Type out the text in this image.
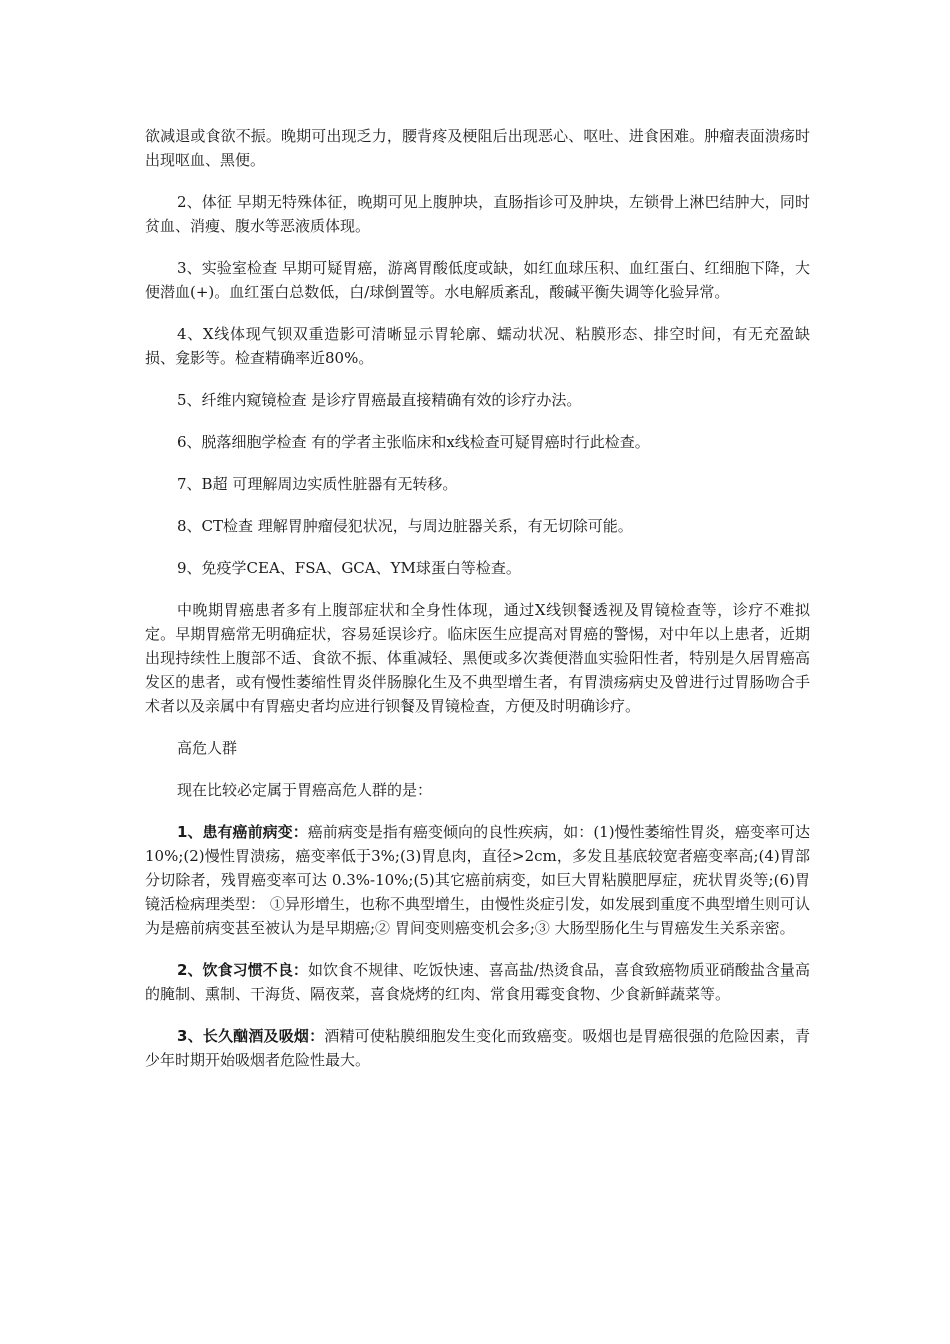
欲减退或食欲不振。晚期可出现乏力，腰背疼及梗阻后出现恶心、呕吐、进食困难。肿瘤表面溃疡时出现呕血、黑便。

2、体征 早期无特殊体征，晚期可见上腹肿块，直肠指诊可及肿块，左锁骨上淋巴结肿大，同时贫血、消瘦、腹水等恶液质体现。

3、实验室检查 早期可疑胃癌，游离胃酸低度或缺，如红血球压积、血红蛋白、红细胞下降，大便潜血(+)。血红蛋白总数低，白/球倒置等。水电解质紊乱，酸碱平衡失调等化验异常。

4、X线体现气钡双重造影可清晰显示胃轮廓、蠕动状况、粘膜形态、排空时间，有无充盈缺损、龛影等。检查精确率近80%。

5、纤维内窥镜检查 是诊疗胃癌最直接精确有效的诊疗办法。

6、脱落细胞学检查 有的学者主张临床和x线检查可疑胃癌时行此检查。

7、B超 可理解周边实质性脏器有无转移。

8、CT检查 理解胃肿瘤侵犯状况，与周边脏器关系，有无切除可能。

9、免疫学CEA、FSA、GCA、YM球蛋白等检查。

中晚期胃癌患者多有上腹部症状和全身性体现，通过X线钡餐透视及胃镜检查等，诊疗不难拟定。早期胃癌常无明确症状，容易延误诊疗。临床医生应提高对胃癌的警惕，对中年以上患者，近期出现持续性上腹部不适、食欲不振、体重减轻、黑便或多次粪便潜血实验阳性者，特别是久居胃癌高发区的患者，或有慢性萎缩性胃炎伴肠腺化生及不典型增生者，有胃溃疡病史及曾进行过胃肠吻合手术者以及亲属中有胃癌史者均应进行钡餐及胃镜检查，方便及时明确诊疗。

高危人群

现在比较必定属于胃癌高危人群的是：

1、患有癌前病变：癌前病变是指有癌变倾向的良性疾病，如：(1)慢性萎缩性胃炎，癌变率可达 10%;(2)慢性胃溃疡，癌变率低于3%;(3)胃息肉，直径>2cm，多发且基底较宽者癌变率高;(4)胃部分切除者，残胃癌变率可达 0.3%-10%;(5)其它癌前病变，如巨大胃粘膜肥厚症，疣状胃炎等;(6)胃镜活检病理类型： ①异形增生，也称不典型增生，由慢性炎症引发，如发展到重度不典型增生则可认为是癌前病变甚至被认为是早期癌;② 胃间变则癌变机会多;③ 大肠型肠化生与胃癌发生关系亲密。

2、饮食习惯不良：如饮食不规律、吃饭快速、喜高盐/热烫食品，喜食致癌物质亚硝酸盐含量高的腌制、熏制、干海货、隔夜菜，喜食烧烤的红肉、常食用霉变食物、少食新鲜蔬菜等。

3、长久酗酒及吸烟：酒精可使粘膜细胞发生变化而致癌变。吸烟也是胃癌很强的危险因素，青少年时期开始吸烟者危险性最大。
